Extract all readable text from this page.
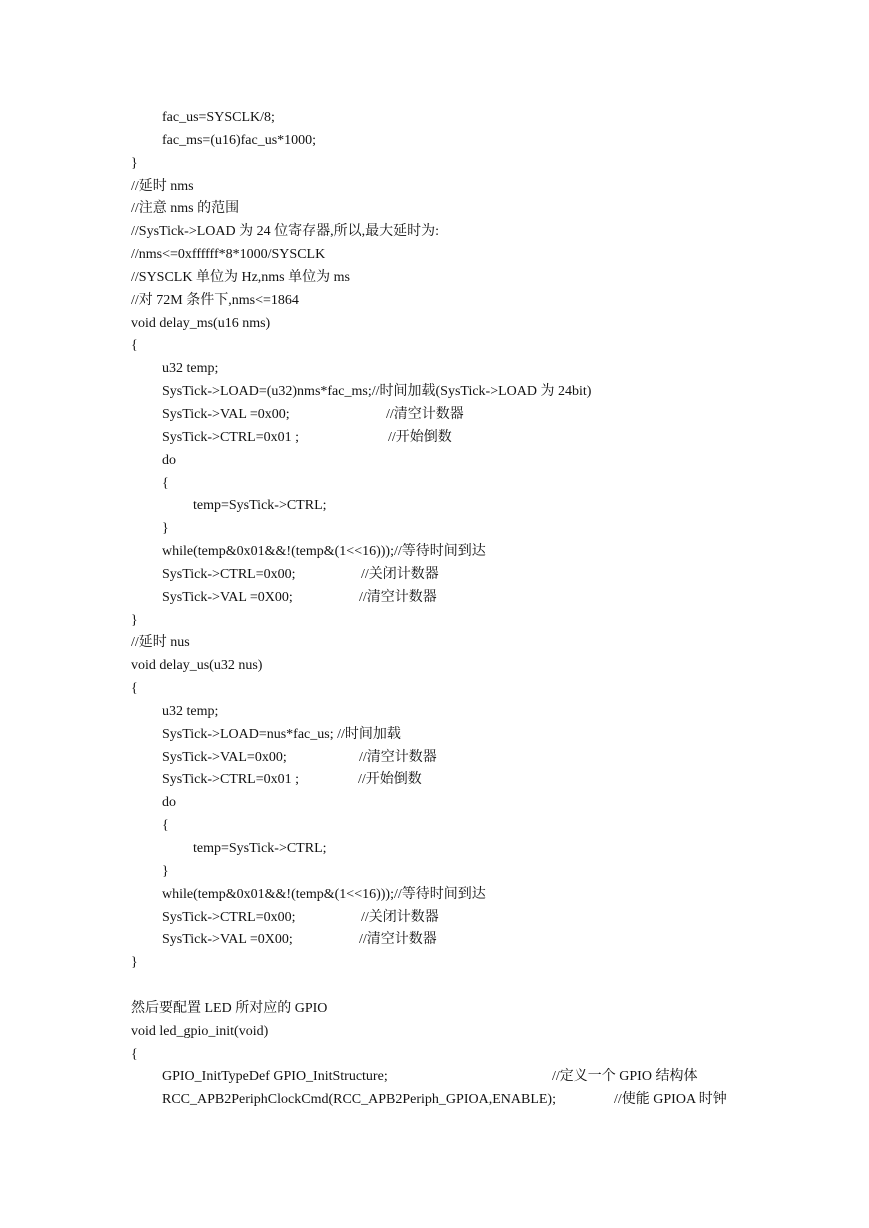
fac_us=SYSCLK/8;
fac_ms=(u16)fac_us*1000;
}
//延时 nms
//注意 nms 的范围
//SysTick->LOAD 为 24 位寄存器,所以,最大延时为:
//nms<=0xffffff*8*1000/SYSCLK
//SYSCLK 单位为 Hz,nms 单位为 ms
//对 72M 条件下,nms<=1864
void delay_ms(u16 nms)
{
u32 temp;
SysTick->LOAD=(u32)nms*fac_ms;//时间加载(SysTick->LOAD 为 24bit)
SysTick->VAL =0x00;	//清空计数器
SysTick->CTRL=0x01 ;	//开始倒数
do
{
temp=SysTick->CTRL;
}
while(temp&0x01&&!(temp&(1<<16)));//等待时间到达
SysTick->CTRL=0x00;	//关闭计数器
SysTick->VAL =0X00;	//清空计数器
}
//延时 nus
void delay_us(u32 nus)
{
u32 temp;
SysTick->LOAD=nus*fac_us; //时间加载
SysTick->VAL=0x00;	//清空计数器
SysTick->CTRL=0x01 ;	//开始倒数
do
{
temp=SysTick->CTRL;
}
while(temp&0x01&&!(temp&(1<<16)));//等待时间到达
SysTick->CTRL=0x00;	//关闭计数器
SysTick->VAL =0X00;	//清空计数器
}
然后要配置 LED 所对应的 GPIO
void led_gpio_init(void)
{
GPIO_InitTypeDef GPIO_InitStructure;	//定义一个 GPIO 结构体
RCC_APB2PeriphClockCmd(RCC_APB2Periph_GPIOA,ENABLE);	//使能 GPIOA 时钟
